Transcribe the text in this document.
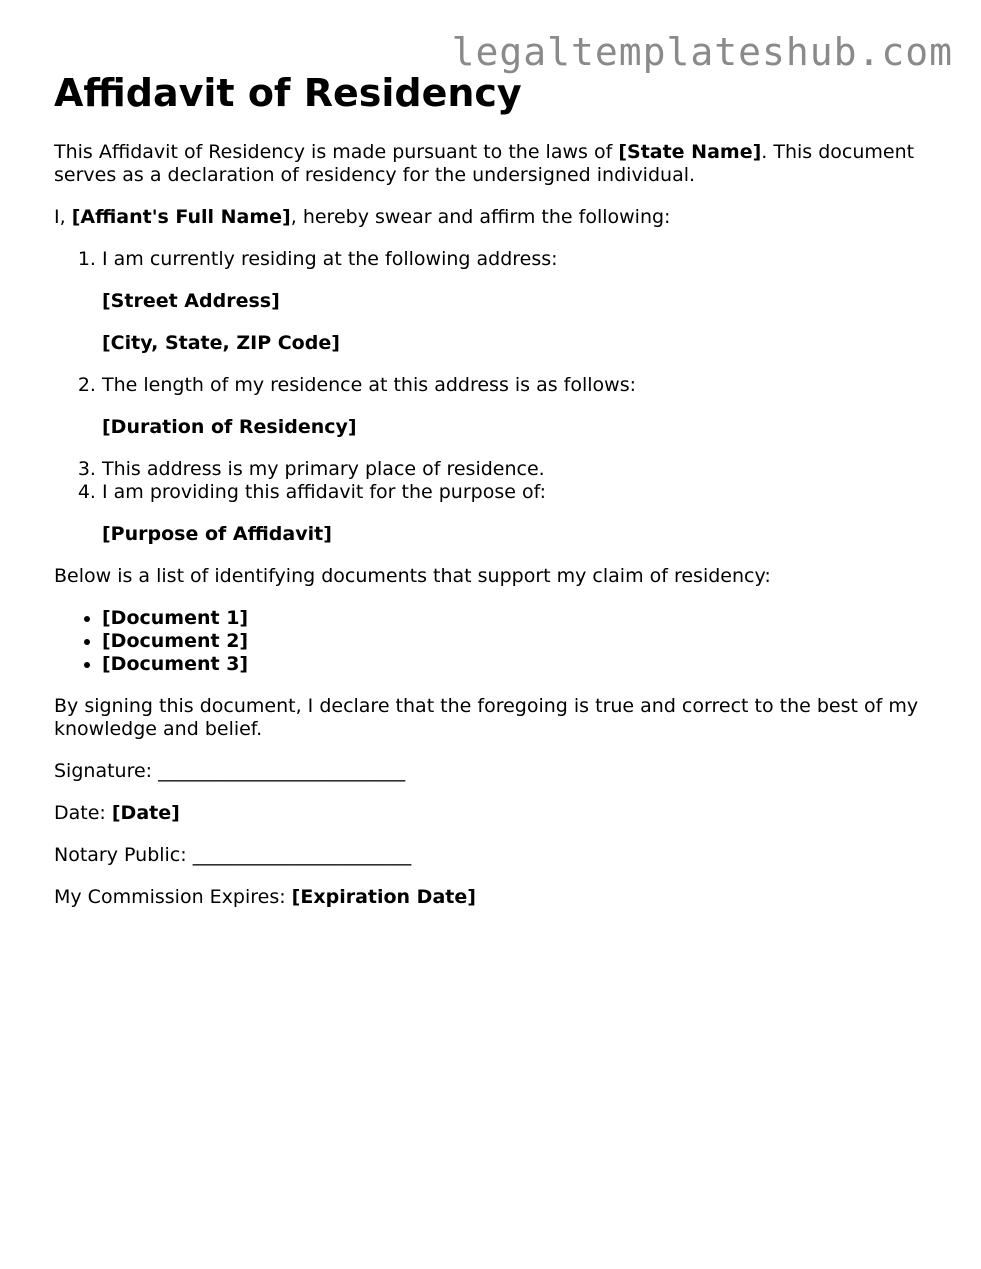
legaltemplateshub.com
Affidavit of Residency

This Affidavit of Residency is made pursuant to the laws of [State Name]. This document serves as a declaration of residency for the undersigned individual.

I, [Affiant's Full Name], hereby swear and affirm the following:

1. I am currently residing at the following address:

[Street Address]

[City, State, ZIP Code]

2. The length of my residence at this address is as follows:

[Duration of Residency]

3. This address is my primary place of residence.
4. I am providing this affidavit for the purpose of:

[Purpose of Affidavit]

Below is a list of identifying documents that support my claim of residency:

• [Document 1]
• [Document 2]
• [Document 3]

By signing this document, I declare that the foregoing is true and correct to the best of my knowledge and belief.

Signature: __________________________

Date: [Date]

Notary Public: _______________________

My Commission Expires: [Expiration Date]
